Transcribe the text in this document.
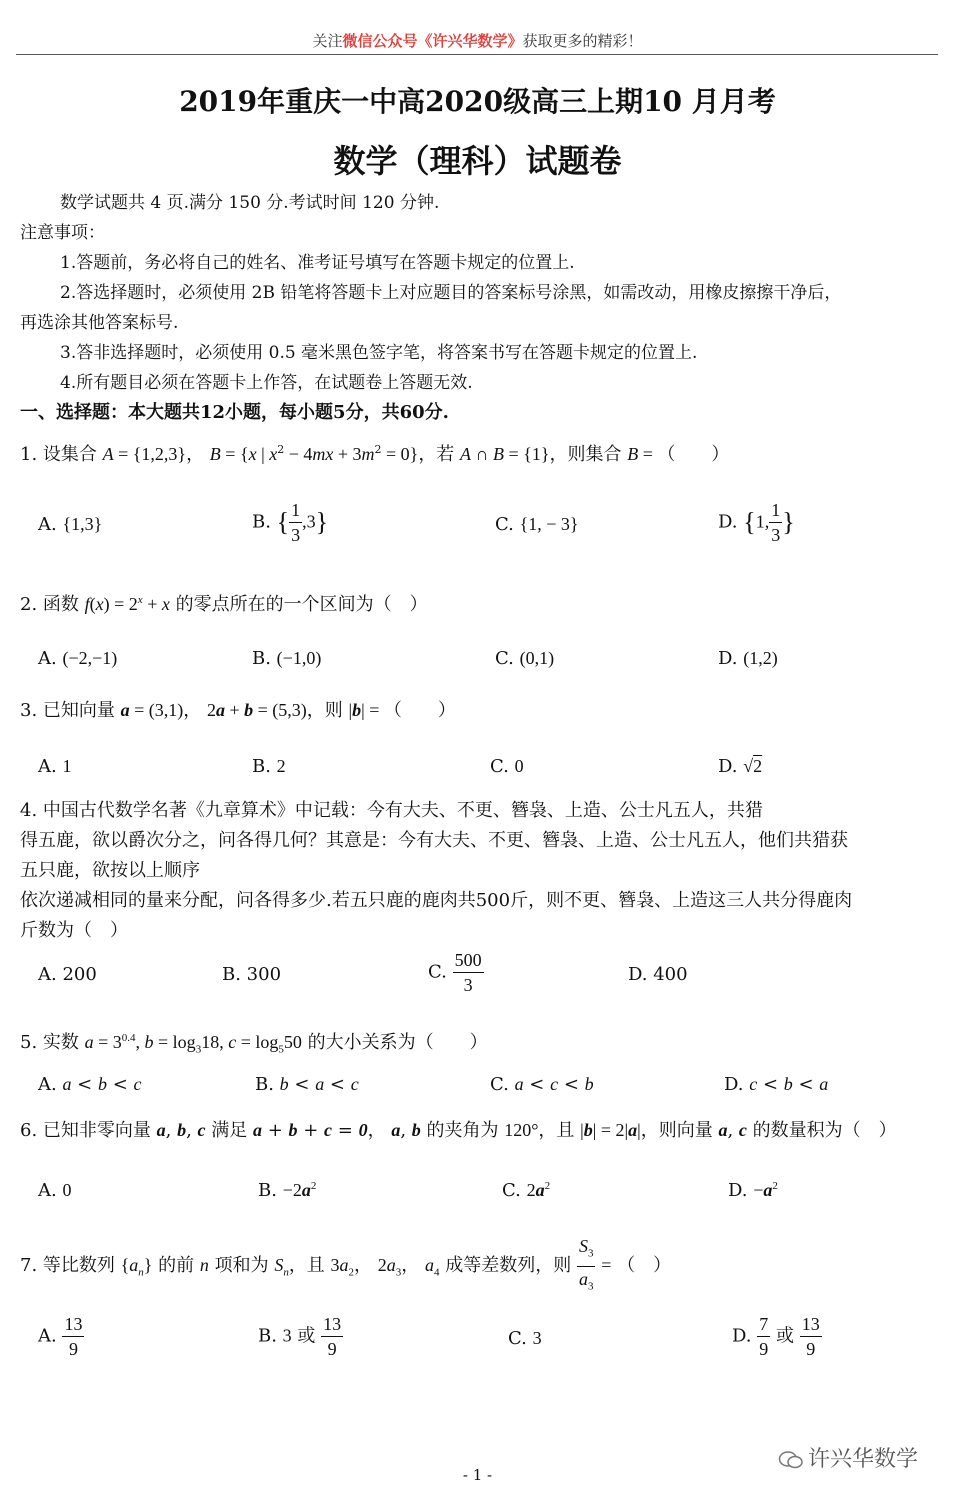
关注微信公众号《许兴华数学》获取更多的精彩！
2019年重庆一中高2020级高三上期10 月月考
数学（理科）试题卷
数学试题共 4 页.满分 150 分.考试时间 120 分钟.
注意事项：
1.答题前，务必将自己的姓名、准考证号填写在答题卡规定的位置上.
2.答选择题时，必须使用 2B 铅笔将答题卡上对应题目的答案标号涂黑，如需改动，用橡皮擦擦干净后，
再选涂其他答案标号.
3.答非选择题时，必须使用 0.5 毫米黑色签字笔，将答案书写在答题卡规定的位置上.
4.所有题目必须在答题卡上作答，在试题卷上答题无效.
一、选择题：本大题共12小题，每小题5分，共60分.
1. 设集合 A = {1,2,3}， B = {x | $x^2 - 4mx + 3m^2 = 0$}，若 A ∩ B = {1}，则集合 B = （　　）
A. {1,3}	B. { $\frac{1}{3} ,3$}	C. {1, − 3}	D. {1, $\frac{1}{3}$ }
2. 函数 $f(x) = 2^x + x$ 的零点所在的一个区间为（　）
A. (−2,−1)	B. (−1,0)	C. (0,1)	D. (1,2)
3. 已知向量 a = (3,1)， 2a + b = (5,3)，则 |b| = （　　）
A. 1	B. 2	C. 0	D. √2
4. 中国古代数学名著《九章算术》中记载：今有大夫、不更、簪袅、上造、公士凡五人，共猎
得五鹿，欲以爵次分之，问各得几何？其意是：今有大夫、不更、簪袅、上造、公士凡五人，他们共猎获
五只鹿，欲按以上顺序
依次递减相同的量来分配，问各得多少.若五只鹿的鹿肉共500斤，则不更、簪袅、上造这三人共分得鹿肉
斤数为（　）
A. 200	B. 300	C. $\frac{500}{3}$	D. 400
5. 实数 $a = 3^{0.4}$, $b = \log_318$, $c = \log_550$ 的大小关系为（　　）
A. a < b < c	B. b < a < c	C. a < c < b	D. c < b < a
6. 已知非零向量 a, b, c 满足 a + b + c = 0， a, b 的夹角为 120°，且 |b| = 2|a|，则向量 a, c 的数量积为（　）
A. 0	B. $-2a^2$	C. $2a^2$	D. $-a^2$
7. 等比数列 $\{a_n\}$ 的前 n 项和为 $S_n$，且 $3a_2$， $2a_3$， $a_4$ 成等差数列，则 $\frac{S_3}{a_3}$ = （　）
A. $\frac{13}{9}$	B. 3 或 $\frac{13}{9}$	C. 3	D. $\frac{7}{9}$ 或 $\frac{13}{9}$
许兴华数学
- 1 -
